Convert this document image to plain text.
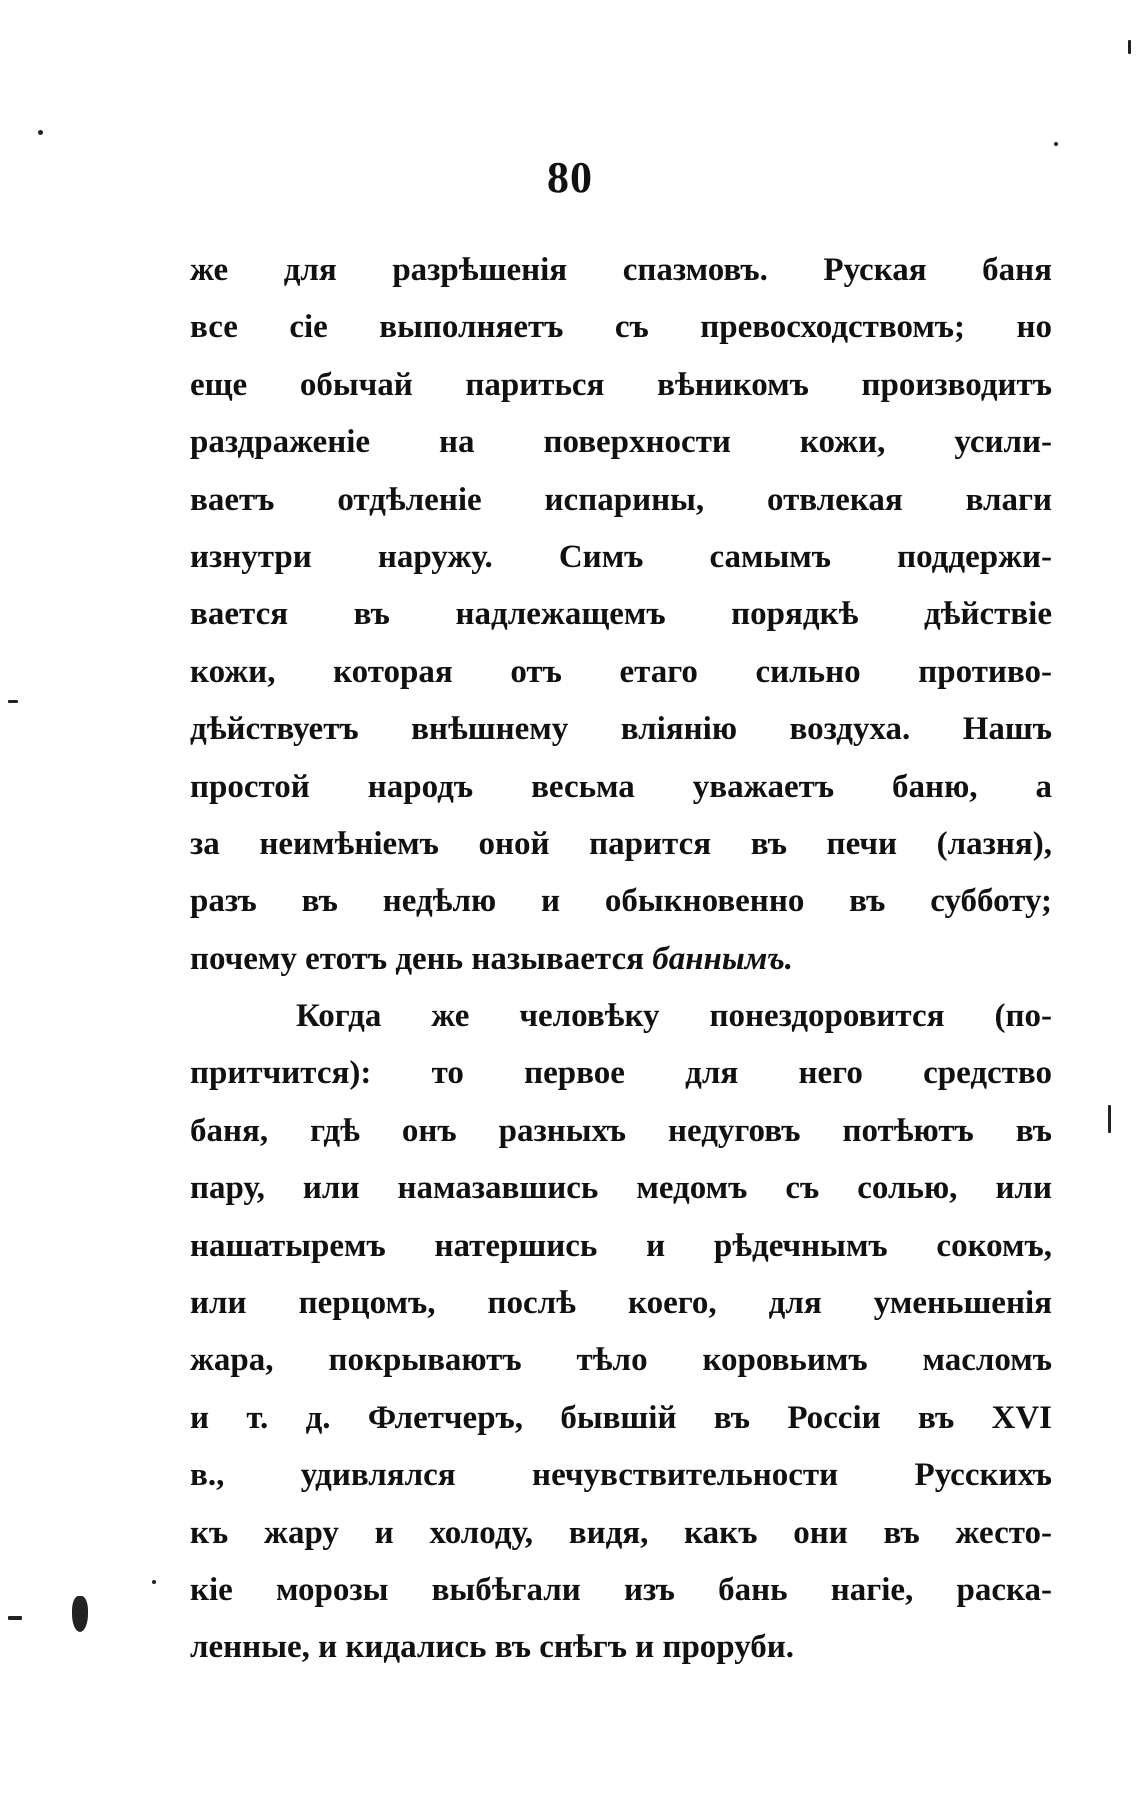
80
же для разрѣшенія спазмовъ. Руская баня
все сіе выполняетъ съ превосходствомъ; но
еще обычай париться вѣникомъ производитъ
раздраженіе на поверхности кожи, усили-
ваетъ отдѣленіе испарины, отвлекая влаги
изнутри наружу. Симъ самымъ поддержи-
вается въ надлежащемъ порядкѣ дѣйствіе
кожи, которая отъ етаго сильно противо-
дѣйствуетъ внѣшнему вліянію воздуха. Нашъ
простой народъ весьма уважаетъ баню, а
за неимѣніемъ оной парится въ печи (лазня),
разъ въ недѣлю и обыкновенно въ субботу;
почему етотъ день называется баннымъ.
Когда же человѣку понездоровится (по-
притчится): то первое для него средство
баня, гдѣ онъ разныхъ недуговъ потѣютъ въ
пару, или намазавшись медомъ съ солью, или
нашатыремъ натершись и рѣдечнымъ сокомъ,
или перцомъ, послѣ коего, для уменьшенія
жара, покрываютъ тѣло коровьимъ масломъ
и т. д. Флетчеръ, бывшій въ Россіи въ XVI
в., удивлялся нечувствительности Русскихъ
къ жару и холоду, видя, какъ они въ жесто-
кіе морозы выбѣгали изъ бань нагіе, раска-
ленные, и кидались въ снѣгъ и проруби.
